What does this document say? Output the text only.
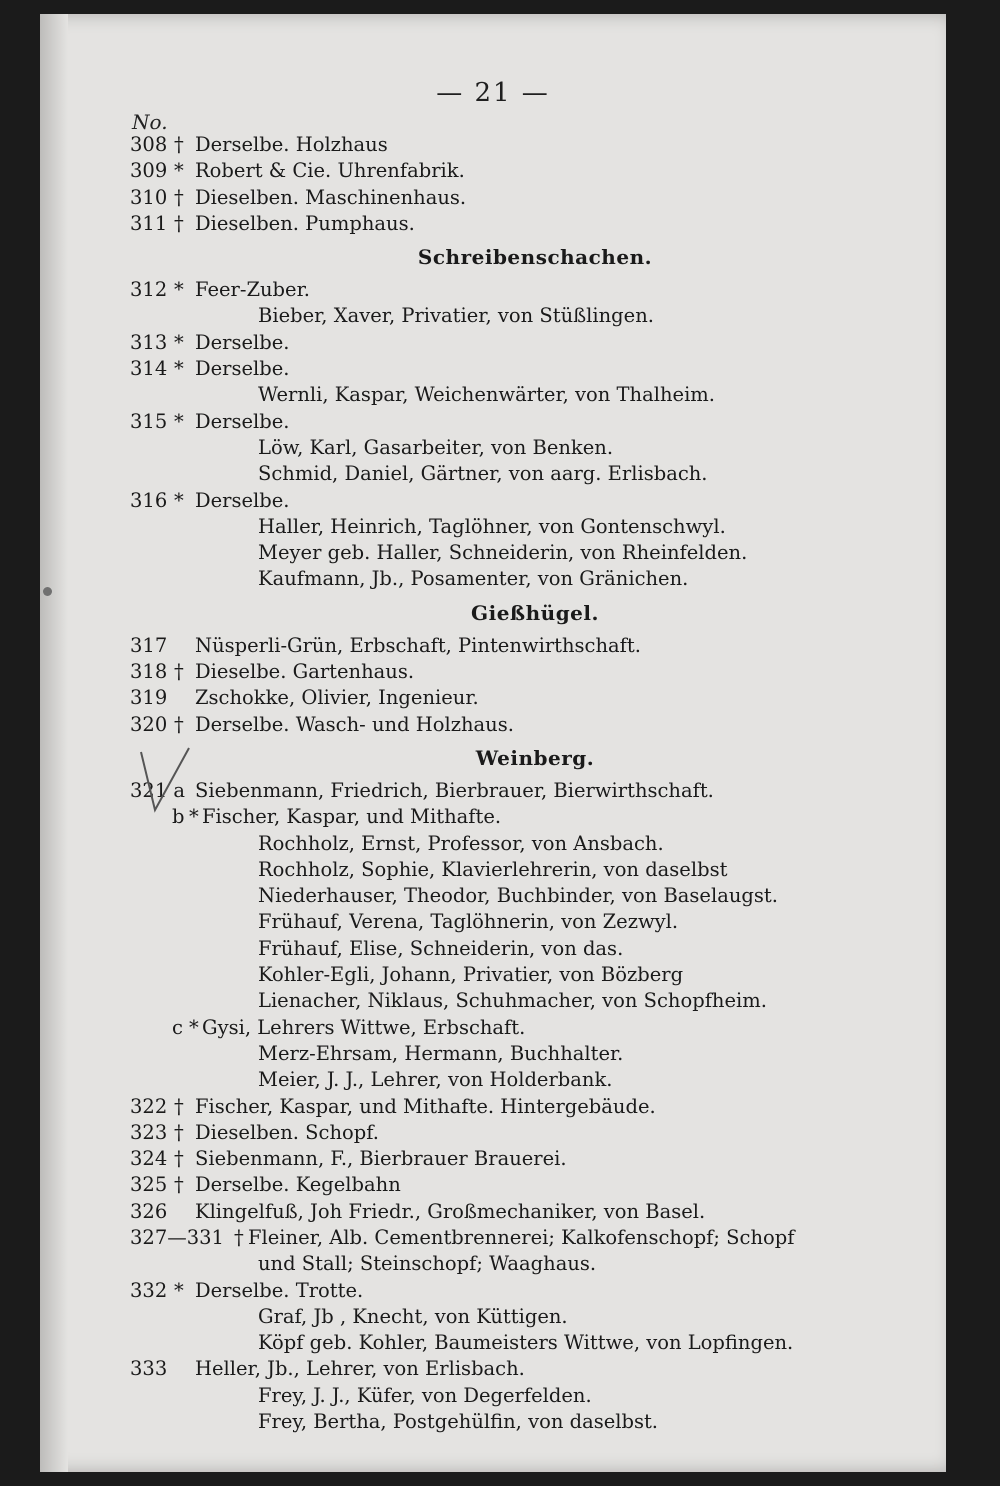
— 21 —
No.
308 † Derselbe. Holzhaus
309 * Robert & Cie. Uhrenfabrik.
310 † Dieselben. Maschinenhaus.
311 † Dieselben. Pumphaus.
Schreibenschachen.
312 * Feer-Zuber.
Bieber, Xaver, Privatier, von Stüßlingen.
313 * Derselbe.
314 * Derselbe.
Wernli, Kaspar, Weichenwärter, von Thalheim.
315 * Derselbe.
Löw, Karl, Gasarbeiter, von Benken.
Schmid, Daniel, Gärtner, von aarg. Erlisbach.
316 * Derselbe.
Haller, Heinrich, Taglöhner, von Gontenschwyl.
Meyer geb. Haller, Schneiderin, von Rheinfelden.
Kaufmann, Jb., Posamenter, von Gränichen.
Gießhügel.
317 Nüsperli-Grün, Erbschaft, Pintenwirthschaft.
318 † Dieselbe. Gartenhaus.
319 Zschokke, Olivier, Ingenieur.
320 † Derselbe. Wasch- und Holzhaus.
Weinberg.
321 a Siebenmann, Friedrich, Bierbrauer, Bierwirthschaft.
b * Fischer, Kaspar, und Mithafte.
Rochholz, Ernst, Professor, von Ansbach.
Rochholz, Sophie, Klavierlehrerin, von daselbst
Niederhauser, Theodor, Buchbinder, von Baselaugst.
Frühauf, Verena, Taglöhnerin, von Zezwyl.
Frühauf, Elise, Schneiderin, von das.
Kohler-Egli, Johann, Privatier, von Bözberg
Lienacher, Niklaus, Schuhmacher, von Schopfheim.
c * Gysi, Lehrers Wittwe, Erbschaft.
Merz-Ehrsam, Hermann, Buchhalter.
Meier, J. J., Lehrer, von Holderbank.
322 † Fischer, Kaspar, und Mithafte. Hintergebäude.
323 † Dieselben. Schopf.
324 † Siebenmann, F., Bierbrauer Brauerei.
325 † Derselbe. Kegelbahn
326 Klingelfuß, Joh Friedr., Großmechaniker, von Basel.
327—331 † Fleiner, Alb. Cementbrennerei; Kalkofenschopf; Schopf
und Stall; Steinschopf; Waaghaus.
332 * Derselbe. Trotte.
Graf, Jb , Knecht, von Küttigen.
Köpf geb. Kohler, Baumeisters Wittwe, von Lopfingen.
333 Heller, Jb., Lehrer, von Erlisbach.
Frey, J. J., Küfer, von Degerfelden.
Frey, Bertha, Postgehülfin, von daselbst.
